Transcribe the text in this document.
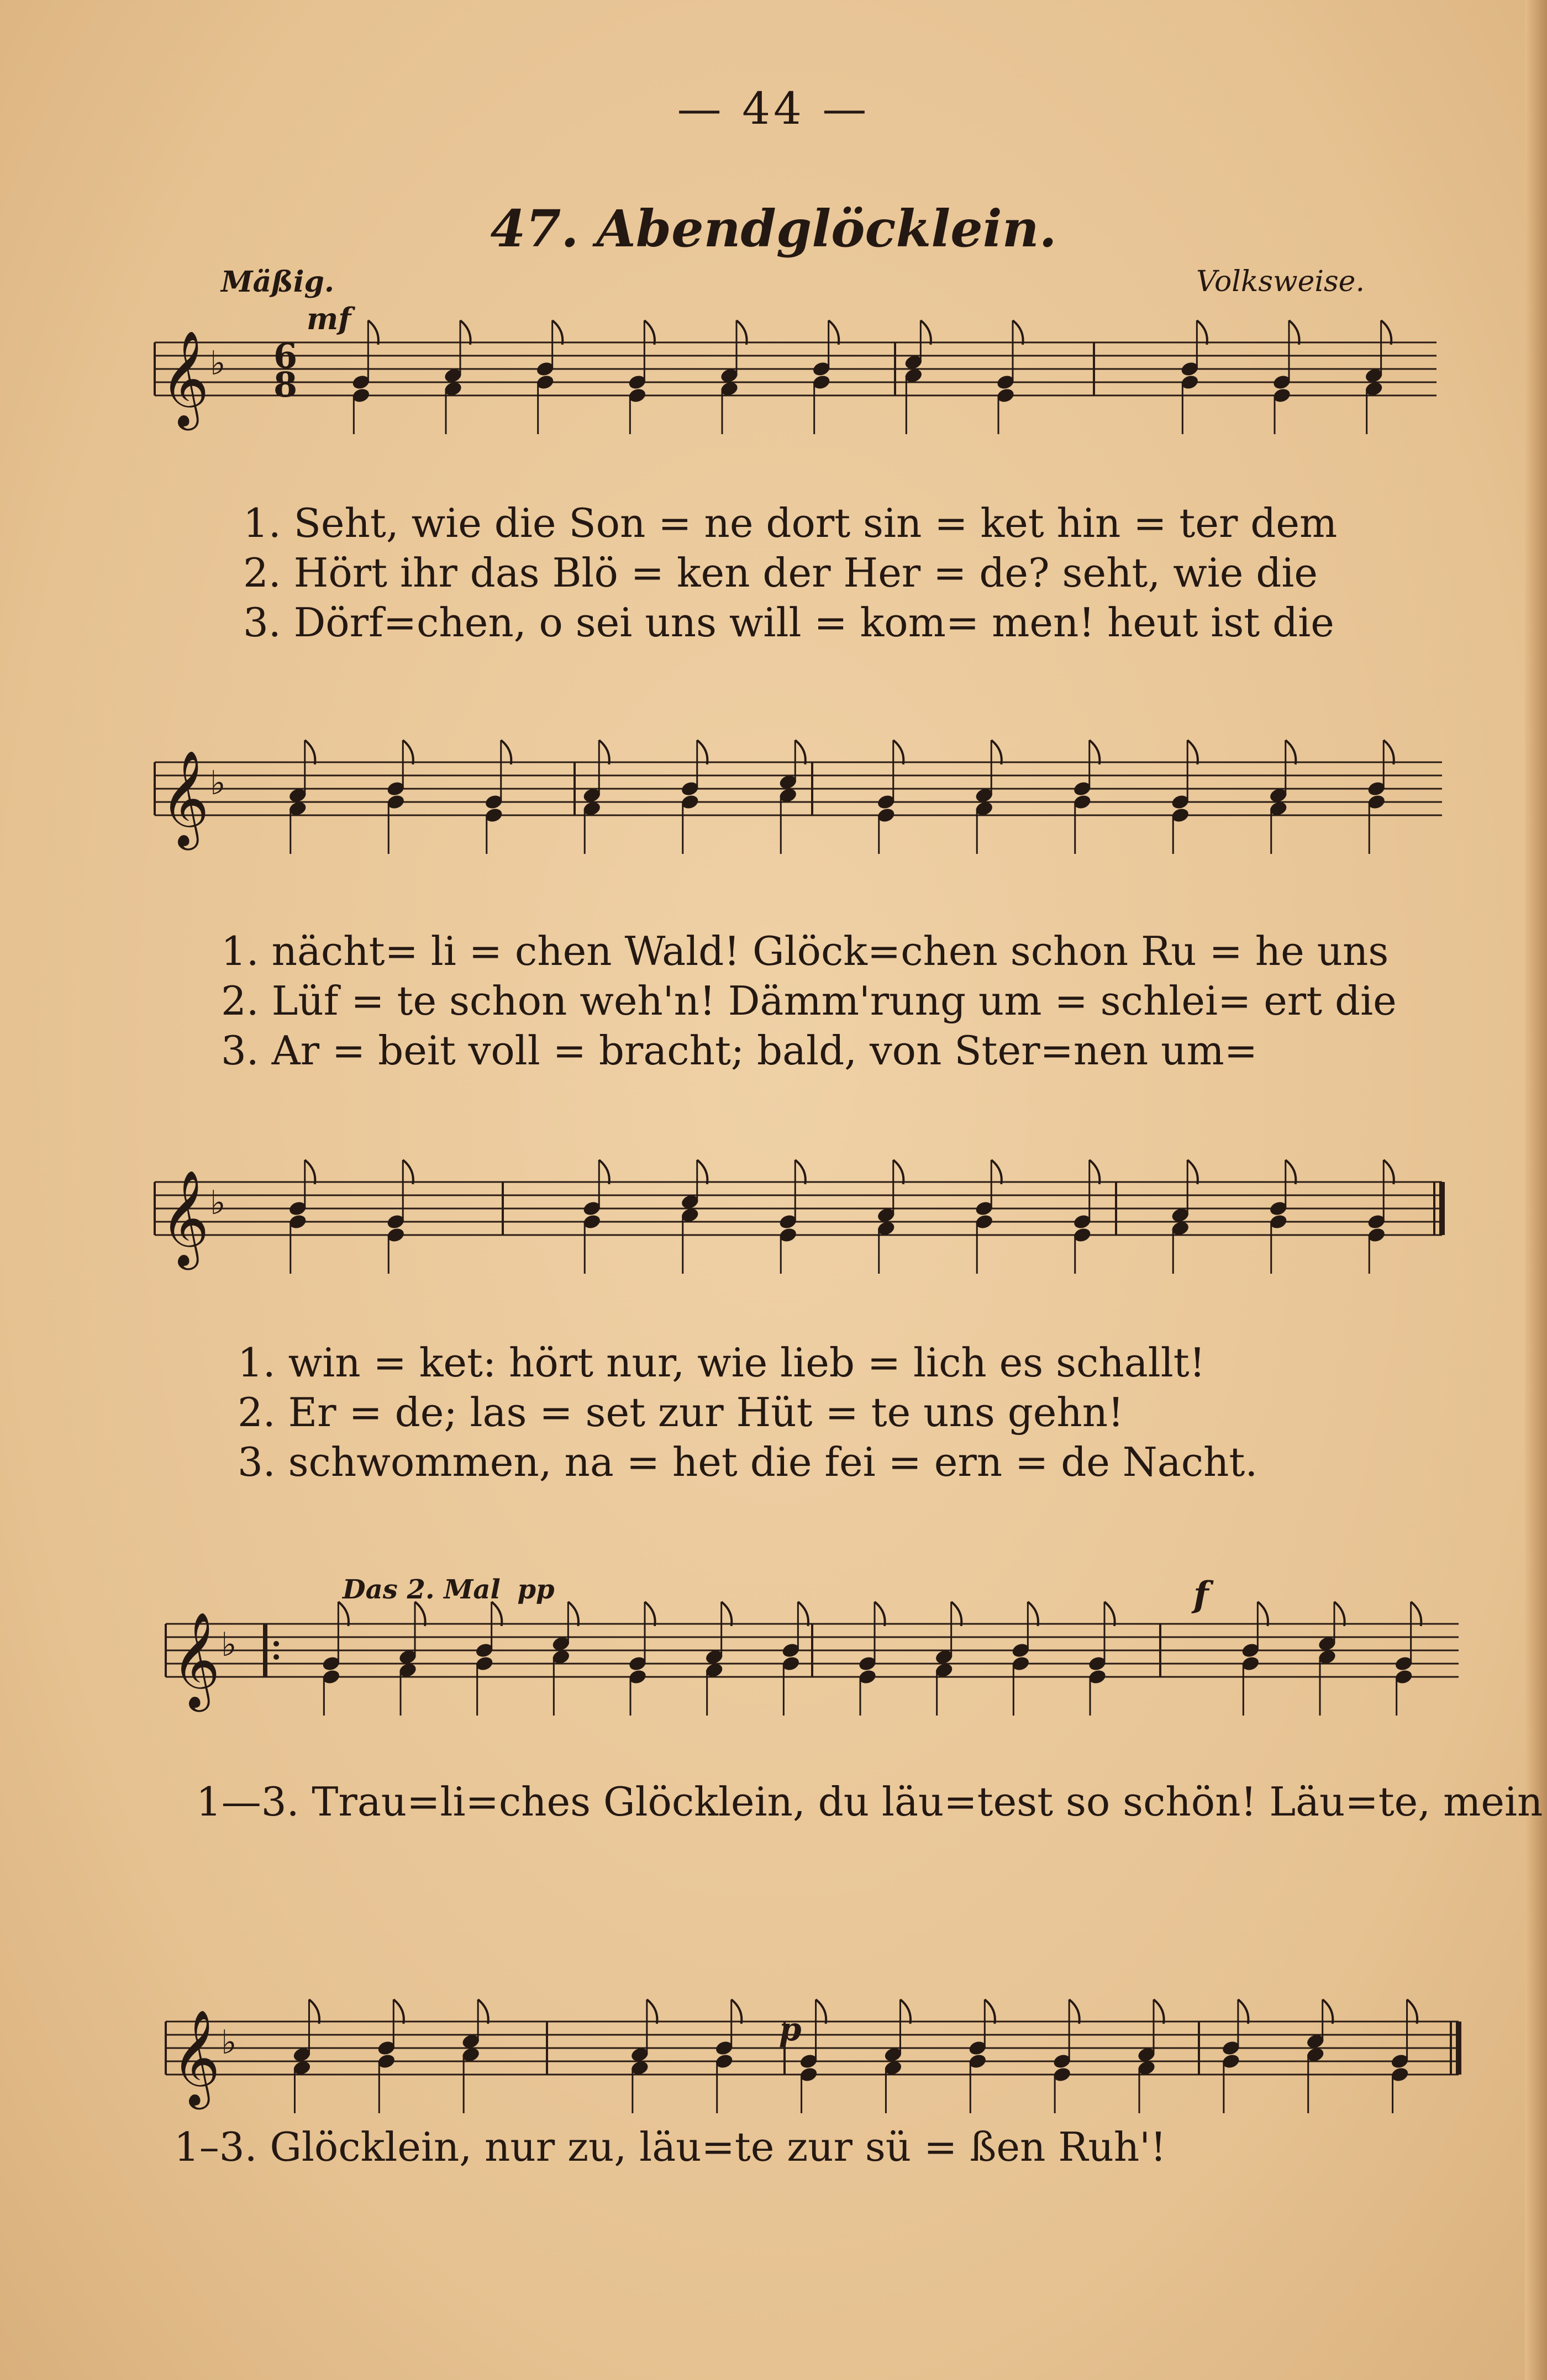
— 44 —
47. Abendglöcklein.
Mäßig.	Volksweise.
mf
Das 2. Mal pp	f
p
𝄞 ♭ 6
8
𝄞 ♭
𝄞 ♭
𝄞 ♭
𝄞 ♭
1. Seht, wie die Son = ne dort sin = ket hin = ter dem
2. Hört ihr das Blö = ken der Her = de? seht, wie die
3. Dörf=chen, o sei uns will = kom= men! heut ist die
1. nächt= li = chen Wald! Glöck=chen schon Ru = he uns
2. Lüf = te schon weh'n! Dämm'rung um = schlei= ert die
3. Ar = beit voll = bracht; bald, von Ster=nen um=
1. win = ket: hört nur, wie lieb = lich es schallt!
2. Er = de; las = set zur Hüt = te uns gehn!
3. schwommen, na = het die fei = ern = de Nacht.
1—3. Trau=li=ches Glöcklein, du läu=test so schön! Läu=te, mein
1–3. Glöcklein, nur zu, läu=te zur sü = ßen Ruh'!
